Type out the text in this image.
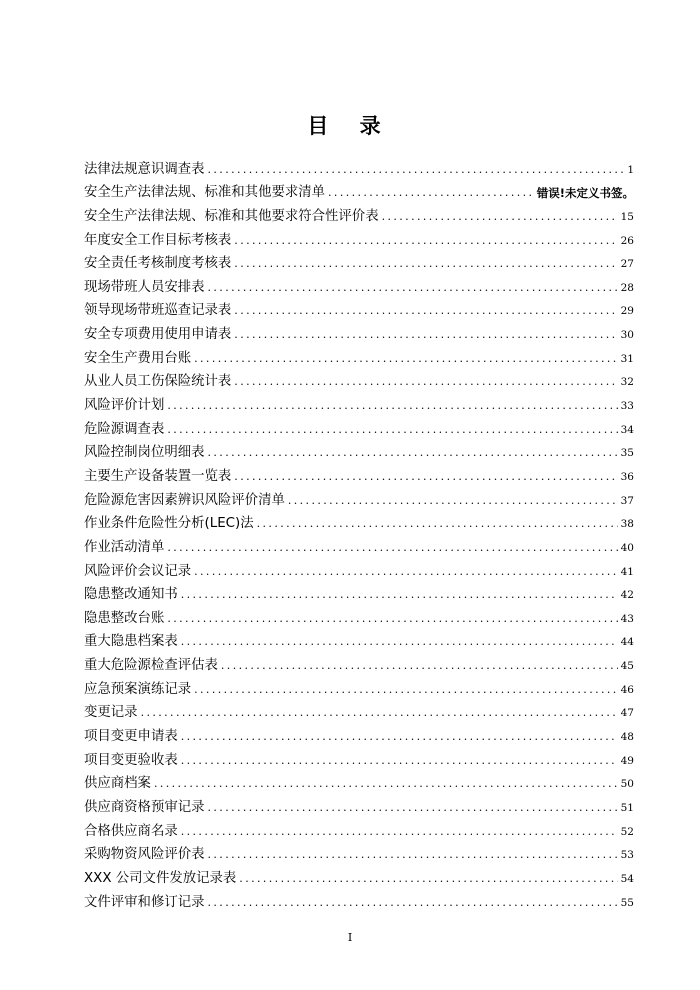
目 录
法律法规意识调查表 .....	1
安全生产法律法规、标准和其他要求清单 .....	错误!未定义书签。
安全生产法律法规、标准和其他要求符合性评价表 .....	15
年度安全工作目标考核表 .....	26
安全责任考核制度考核表 .....	27
现场带班人员安排表 .....	28
领导现场带班巡查记录表 .....	29
安全专项费用使用申请表 .....	30
安全生产费用台账 .....	31
从业人员工伤保险统计表 .....	32
风险评价计划 .....	33
危险源调查表 .....	34
风险控制岗位明细表 .....	35
主要生产设备装置一览表 .....	36
危险源危害因素辨识风险评价清单 .....	37
作业条件危险性分析(LEC)法 .....	38
作业活动清单 .....	40
风险评价会议记录 .....	41
隐患整改通知书 .....	42
隐患整改台账 .....	43
重大隐患档案表 .....	44
重大危险源检查评估表 .....	45
应急预案演练记录 .....	46
变更记录 .....	47
项目变更申请表 .....	48
项目变更验收表 .....	49
供应商档案 .....	50
供应商资格预审记录 .....	51
合格供应商名录 .....	52
采购物资风险评价表 .....	53
XXX 公司文件发放记录表 .....	54
文件评审和修订记录 .....	55
I
